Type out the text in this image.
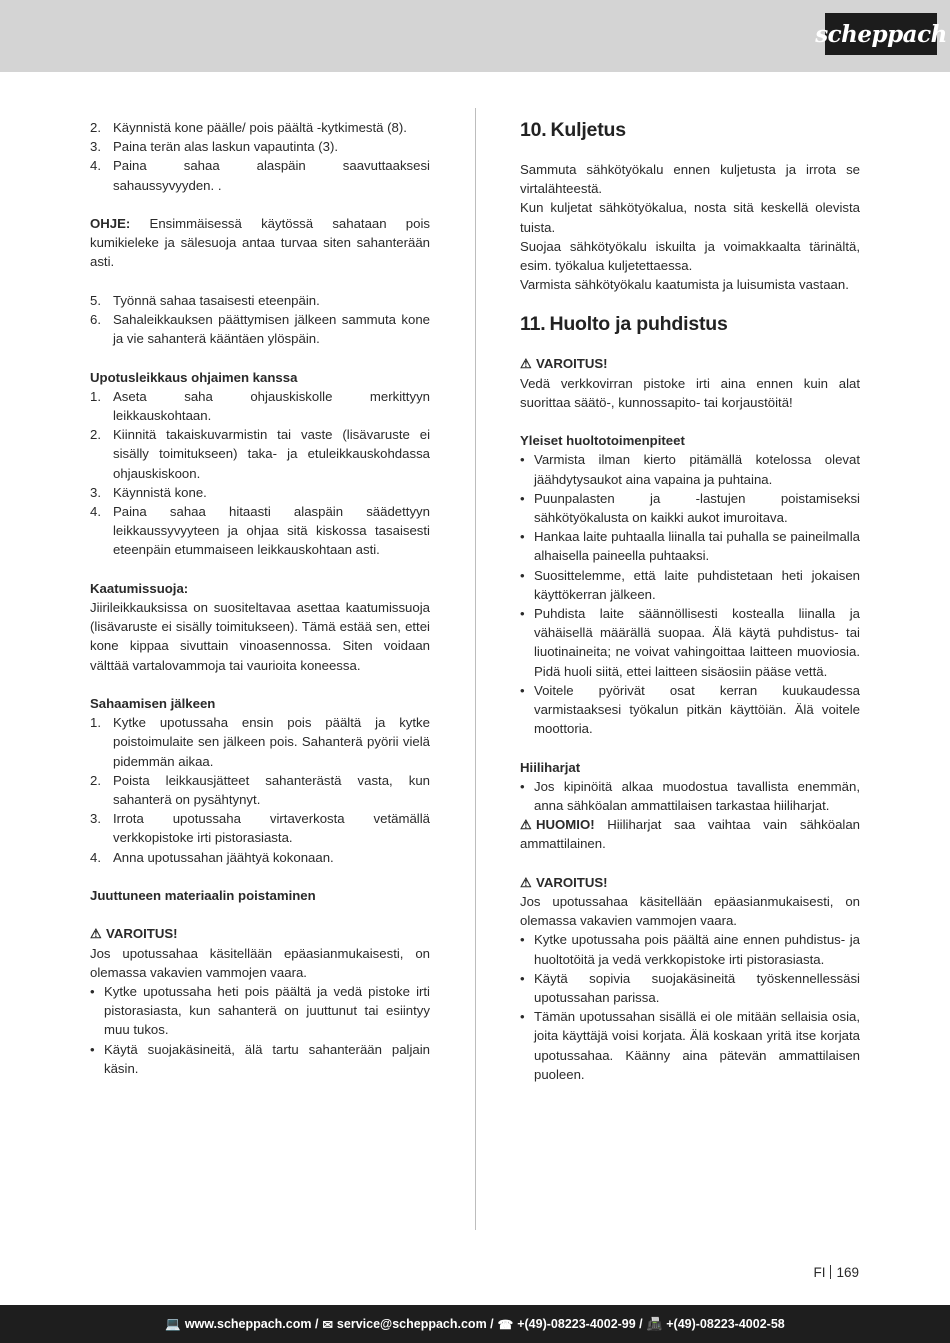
scheppach
2. Käynnistä kone päälle/ pois päältä -kytkimestä (8).
3. Paina terän alas laskun vapautinta (3).
4. Paina sahaa alaspäin saavuttaaksesi sahaussyvyyden. .

OHJE: Ensimmäisessä käytössä sahataan pois kumikieleke ja sälesuoja antaa turvaa siten sahanterään asti.

5. Työnnä sahaa tasaisesti eteenpäin.
6. Sahaleikkauksen päättymisen jälkeen sammuta kone ja vie sahanterä kääntäen ylöspäin.

Upotusleikkaus ohjaimen kanssa

1. Aseta saha ohjauskiskolle merkittyyn leikkauskohtaan.
2. Kiinnitä takaiskuvarmistin tai vaste (lisävaruste ei sisälly toimitukseen) taka- ja etuleikkauskohdassa ohjauskiskoon.
3. Käynnistä kone.
4. Paina sahaa hitaasti alaspäin säädettyyn leikkaussyvyyteen ja ohjaa sitä kiskossa tasaisesti eteenpäin etummaiseen leikkauskohtaan asti.

Kaatumissuoja:

Jiirileikkauksissa on suositeltavaa asettaa kaatumissuoja (lisävaruste ei sisälly toimitukseen). Tämä estää sen, ettei kone kippaa sivuttain vinoasennossa. Siten voidaan välttää vartalovammoja tai vaurioita koneessa.

Sahaamisen jälkeen

1. Kytke upotussaha ensin pois päältä ja kytke poistoimulaite sen jälkeen pois. Sahanterä pyörii vielä pidemmän aikaa.
2. Poista leikkausjätteet sahanterästä vasta, kun sahanterä on pysähtynyt.
3. Irrota upotussaha virtaverkosta vetämällä verkkopistoke irti pistorasiasta.
4. Anna upotussahan jäähtyä kokonaan.

Juuttuneen materiaalin poistaminen

⚠ VAROITUS!

Jos upotussahaa käsitellään epäasianmukaisesti, on olemassa vakavien vammojen vaara.

• Kytke upotussaha heti pois päältä ja vedä pistoke irti pistorasiasta, kun sahanterä on juuttunut tai esiintyy muu tukos.
• Käytä suojakäsineitä, älä tartu sahanterään paljain käsin.

10. Kuljetus

Sammuta sähkötyökalu ennen kuljetusta ja irrota se virtalähteestä.
Kun kuljetat sähkötyökalua, nosta sitä keskellä olevista tuista.
Suojaa sähkötyökalu iskuilta ja voimakkaalta tärinältä, esim. työkalua kuljetettaessa.
Varmista sähkötyökalu kaatumista ja luisumista vastaan.

11. Huolto ja puhdistus

⚠ VAROITUS!

Vedä verkkovirran pistoke irti aina ennen kuin alat suorittaa säätö-, kunnossapito- tai korjaustöitä!

Yleiset huoltotoimenpiteet

• Varmista ilman kierto pitämällä kotelossa olevat jäähdytysaukot aina vapaina ja puhtaina.
• Puunpalasten ja -lastujen poistamiseksi sähkötyökalusta on kaikki aukot imuroitava.
• Hankaa laite puhtaalla liinalla tai puhalla se paineilmalla alhaisella paineella puhtaaksi.
• Suosittelemme, että laite puhdistetaan heti jokaisen käyttökerran jälkeen.
• Puhdista laite säännöllisesti kostealla liinalla ja vähäisellä määrällä suopaa. Älä käytä puhdistus- tai liuotinaineita; ne voivat vahingoittaa laitteen muoviosia. Pidä huoli siitä, ettei laitteen sisäosiin pääse vettä.
• Voitele pyörivät osat kerran kuukaudessa varmistaaksesi työkalun pitkän käyttöiän. Älä voitele moottoria.

Hiiliharjat

• Jos kipinöitä alkaa muodostua tavallista enemmän, anna sähköalan ammattilaisen tarkastaa hiiliharjat.

⚠ HUOMIO! Hiiliharjat saa vaihtaa vain sähköalan ammattilainen.

⚠ VAROITUS!

Jos upotussahaa käsitellään epäasianmukaisesti, on olemassa vakavien vammojen vaara.

• Kytke upotussaha pois päältä aine ennen puhdistus- ja huoltotöitä ja vedä verkkopistoke irti pistorasiasta.
• Käytä sopivia suojakäsineitä työskennellessäsi upotussahan parissa.
• Tämän upotussahan sisällä ei ole mitään sellaisia osia, joita käyttäjä voisi korjata. Älä koskaan yritä itse korjata upotussahaa. Käänny aina pätevän ammattilaisen puoleen.
FI 169
💻 www.scheppach.com / ✉ service@scheppach.com / ☎ +(49)-08223-4002-99 / 📠 +(49)-08223-4002-58
